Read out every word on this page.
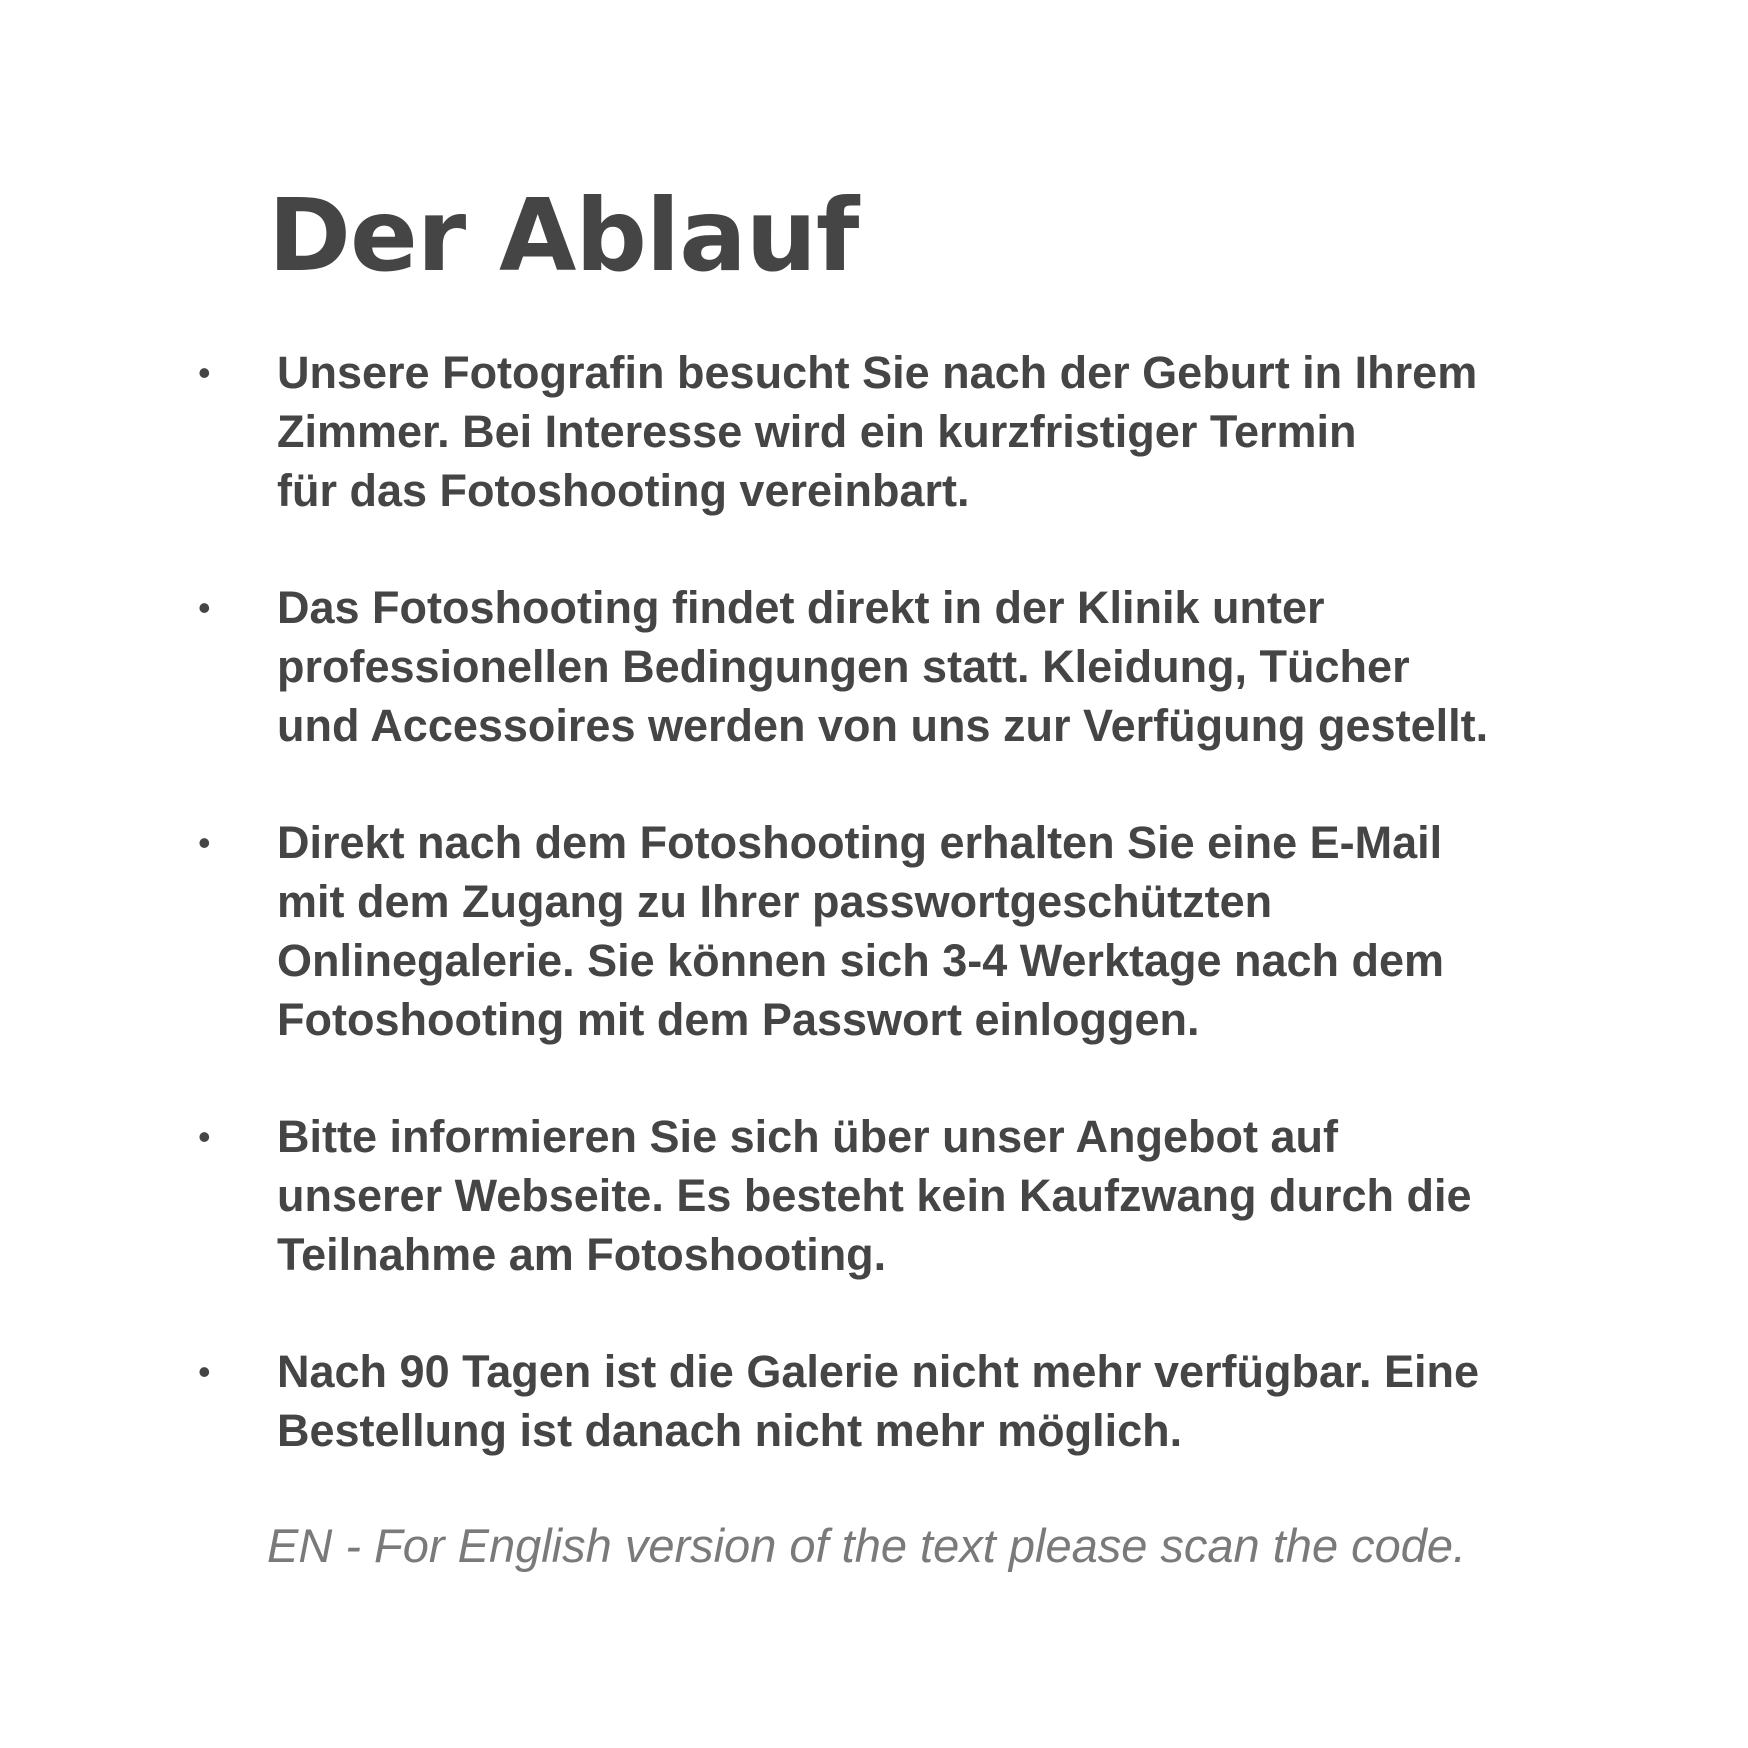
Der Ablauf
• Unsere Fotografin besucht Sie nach der Geburt in Ihrem
Zimmer. Bei Interesse wird ein kurzfristiger Termin
für das Fotoshooting vereinbart.
• Das Fotoshooting findet direkt in der Klinik unter
professionellen Bedingungen statt. Kleidung, Tücher
und Accessoires werden von uns zur Verfügung gestellt.
• Direkt nach dem Fotoshooting erhalten Sie eine E-Mail
mit dem Zugang zu Ihrer passwortgeschützten
Onlinegalerie. Sie können sich 3-4 Werktage nach dem
Fotoshooting mit dem Passwort einloggen.
• Bitte informieren Sie sich über unser Angebot auf
unserer Webseite. Es besteht kein Kaufzwang durch die
Teilnahme am Fotoshooting.
• Nach 90 Tagen ist die Galerie nicht mehr verfügbar. Eine
Bestellung ist danach nicht mehr möglich.

EN - For English version of the text please scan the code.
